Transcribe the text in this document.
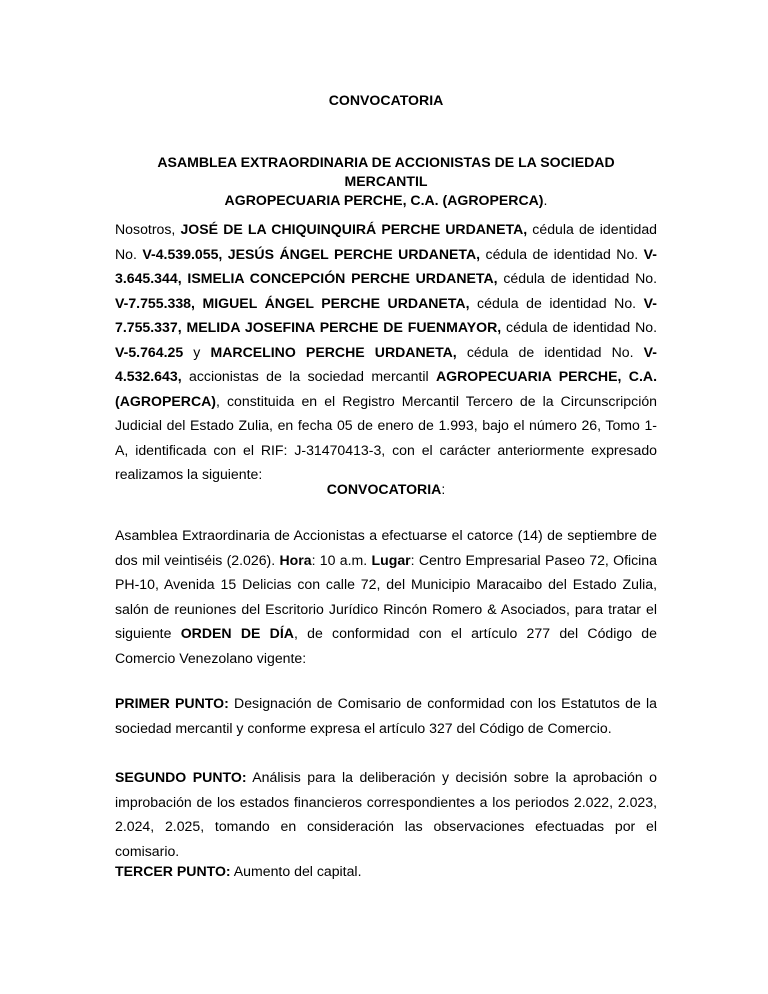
CONVOCATORIA
ASAMBLEA EXTRAORDINARIA DE ACCIONISTAS DE LA SOCIEDAD MERCANTIL
AGROPECUARIA PERCHE, C.A. (AGROPERCA).
Nosotros, JOSÉ DE LA CHIQUINQUIRÁ PERCHE URDANETA, cédula de identidad No. V-4.539.055, JESÚS ÁNGEL PERCHE URDANETA, cédula de identidad No. V-3.645.344, ISMELIA CONCEPCIÓN PERCHE URDANETA, cédula de identidad No. V-7.755.338, MIGUEL ÁNGEL PERCHE URDANETA, cédula de identidad No. V-7.755.337, MELIDA JOSEFINA PERCHE DE FUENMAYOR, cédula de identidad No. V-5.764.25 y MARCELINO PERCHE URDANETA, cédula de identidad No. V-4.532.643, accionistas de la sociedad mercantil AGROPECUARIA PERCHE, C.A. (AGROPERCA), constituida en el Registro Mercantil Tercero de la Circunscripción Judicial del Estado Zulia, en fecha 05 de enero de 1.993, bajo el número 26, Tomo 1-A, identificada con el RIF: J-31470413-3, con el carácter anteriormente expresado realizamos la siguiente:
CONVOCATORIA:
Asamblea Extraordinaria de Accionistas a efectuarse el catorce (14) de septiembre de dos mil veintiséis (2.026). Hora: 10 a.m. Lugar: Centro Empresarial Paseo 72, Oficina PH-10, Avenida 15 Delicias con calle 72, del Municipio Maracaibo del Estado Zulia, salón de reuniones del Escritorio Jurídico Rincón Romero & Asociados, para tratar el siguiente ORDEN DE DÍA, de conformidad con el artículo 277 del Código de Comercio Venezolano vigente:
PRIMER PUNTO: Designación de Comisario de conformidad con los Estatutos de la sociedad mercantil y conforme expresa el artículo 327 del Código de Comercio.
SEGUNDO PUNTO: Análisis para la deliberación y decisión sobre la aprobación o improbación de los estados financieros correspondientes a los periodos 2.022, 2.023, 2.024, 2.025, tomando en consideración las observaciones efectuadas por el comisario.
TERCER PUNTO: Aumento del capital.
